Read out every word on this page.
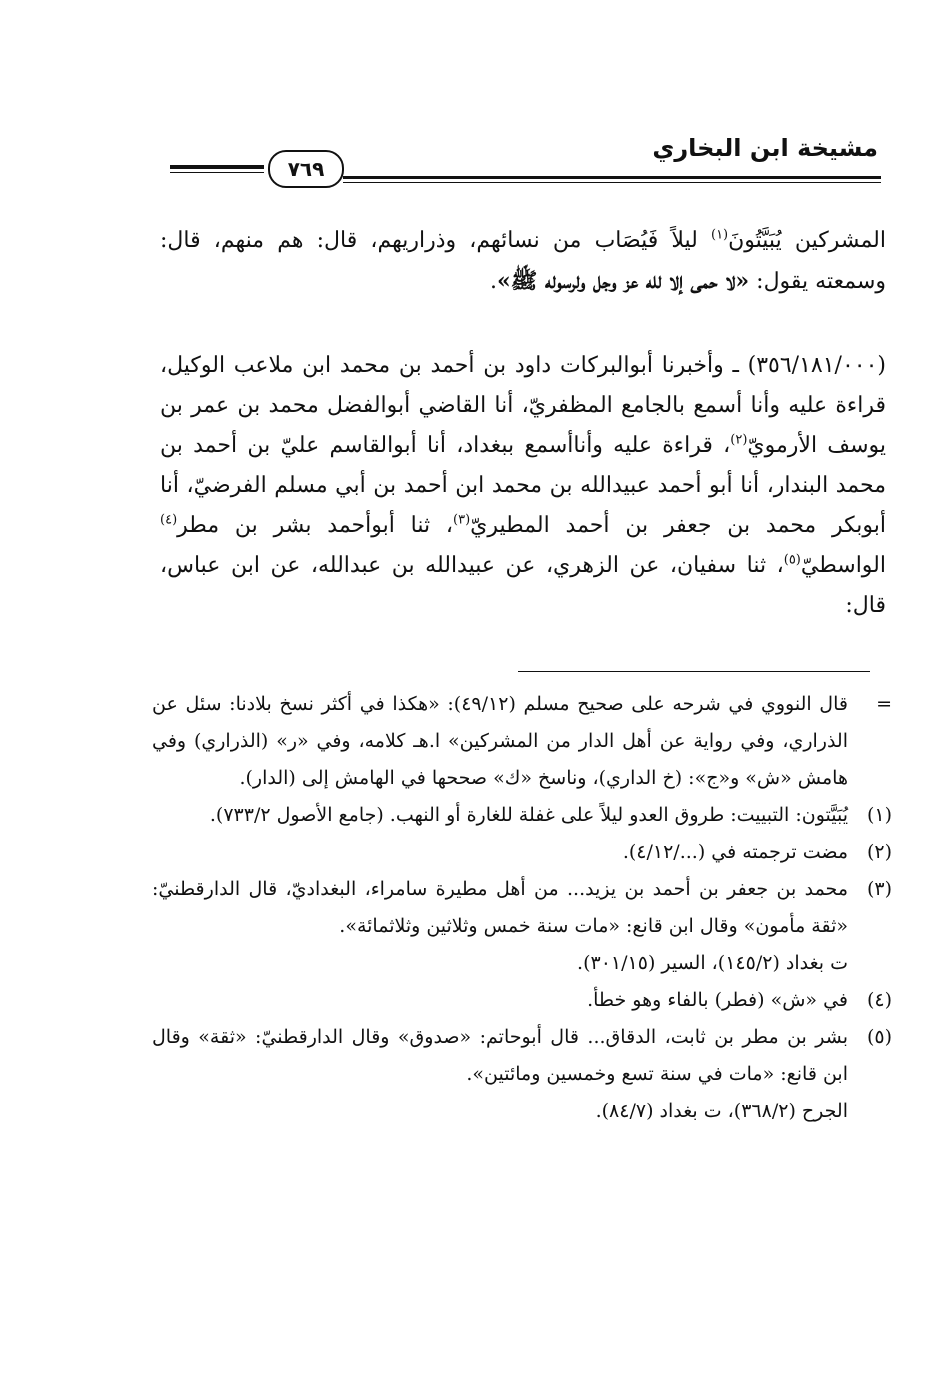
مشيخة ابن البخاري
٧٦٩

المشركين يُبَيَّتُونَ$^{(١)}$ ليلاً فَيُصَاب من نسائهم، وذراريهم، قال: هم منهم، قال: وسمعته يقول: «لا حمى إلا لله عز وجل ولرسوله ﷺ».

(٣٥٦/١٨١/٠٠٠) ـ وأخبرنا أبوالبركات داود بن أحمد بن محمد ابن ملاعب الوكيل، قراءة عليه وأنا أسمع بالجامع المظفريّ، أنا القاضي أبوالفضل محمد بن عمر بن يوسف الأرمويّ$^{(٢)}$، قراءة عليه وأناأسمع ببغداد، أنا أبوالقاسم عليّ بن أحمد بن محمد البندار، أنا أبو أحمد عبيدالله بن محمد ابن أحمد بن أبي مسلم الفرضيّ، أنا أبوبكر محمد بن جعفر بن أحمد المطيريّ$^{(٣)}$، ثنا أبوأحمد بشر بن مطر$^{(٤)}$ الواسطيّ$^{(٥)}$، ثنا سفيان، عن الزهري، عن عبيدالله بن عبدالله، عن ابن عباس، قال:

=
قال النووي في شرحه على صحيح مسلم (٤٩/١٢): «هكذا في أكثر نسخ بلادنا: سئل عن الذراري، وفي رواية عن أهل الدار من المشركين» ا.هـ كلامه، وفي «ر» (الذراري) وفي هامش «ش» و«ج»: (خ الداري)، وناسخ «ك» صححها في الهامش إلى (الدار).
(١)
يُبَيَّتون: التبييت: طروق العدو ليلاً على غفلة للغارة أو النهب. (جامع الأصول ٧٣٣/٢).
(٢)
مضت ترجمته في (.../٤/١٢).
(٣)
محمد بن جعفر بن أحمد بن يزيد... من أهل مطيرة سامراء، البغداديّ، قال الدارقطنيّ: «ثقة مأمون» وقال ابن قانع: «مات سنة خمس وثلاثين وثلاثمائة».
ت بغداد (١٤٥/٢)، السير (٣٠١/١٥).
(٤)
في «ش» (فطر) بالفاء وهو خطأ.
(٥)
بشر بن مطر بن ثابت، الدقاق... قال أبوحاتم: «صدوق» وقال الدارقطنيّ: «ثقة» وقال ابن قانع: «مات في سنة تسع وخمسين ومائتين».
الجرح (٣٦٨/٢)، ت بغداد (٨٤/٧).
